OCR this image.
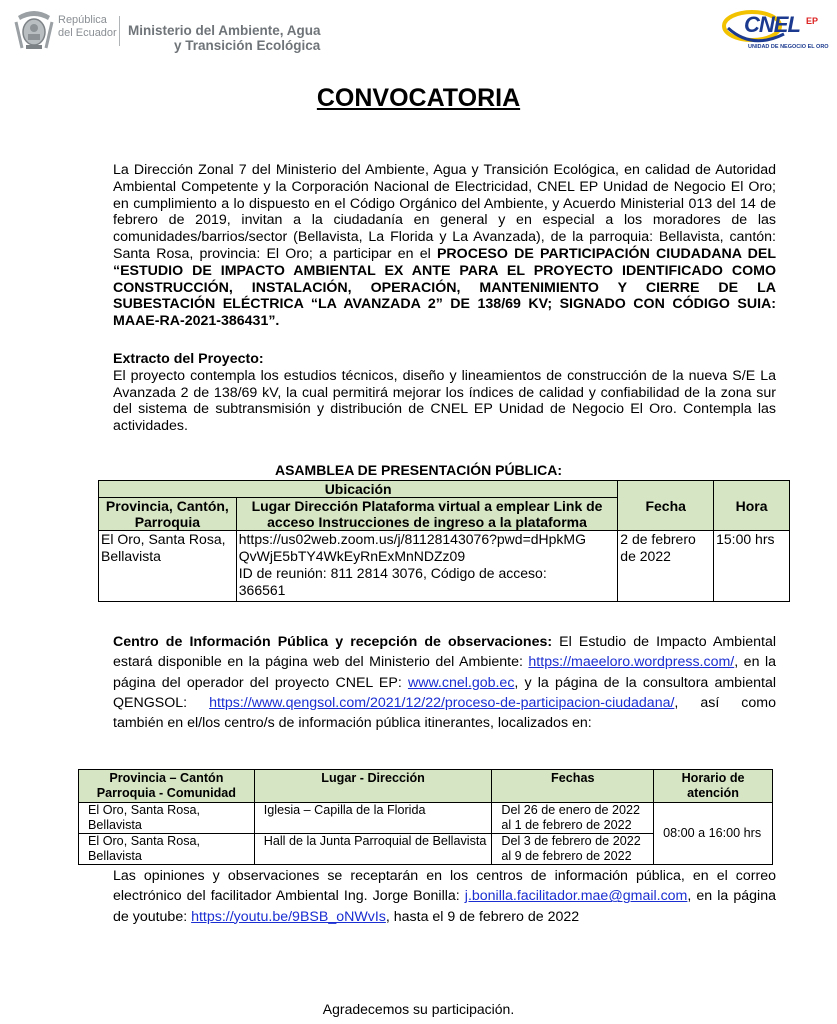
República
del Ecuador Ministerio del Ambiente, Agua
y Transición Ecológica
CNEL EP
UNIDAD DE NEGOCIO EL ORO
CONVOCATORIA
La Dirección Zonal 7 del Ministerio del Ambiente, Agua y Transición Ecológica, en calidad de Autoridad Ambiental Competente y la Corporación Nacional de Electricidad, CNEL EP Unidad de Negocio El Oro; en cumplimiento a lo dispuesto en el Código Orgánico del Ambiente, y Acuerdo Ministerial 013 del 14 de febrero de 2019, invitan a la ciudadanía en general y en especial a los moradores de las comunidades/barrios/sector (Bellavista, La Florida y La Avanzada), de la parroquia: Bellavista, cantón: Santa Rosa, provincia: El Oro; a participar en el PROCESO DE PARTICIPACIÓN CIUDADANA DEL “ESTUDIO DE IMPACTO AMBIENTAL EX ANTE PARA EL PROYECTO IDENTIFICADO COMO CONSTRUCCIÓN, INSTALACIÓN, OPERACIÓN, MANTENIMIENTO Y CIERRE DE LA SUBESTACIÓN ELÉCTRICA “LA AVANZADA 2” DE 138/69 KV; SIGNADO CON CÓDIGO SUIA: MAAE-RA-2021-386431”.
Extracto del Proyecto:
El proyecto contempla los estudios técnicos, diseño y lineamientos de construcción de la nueva S/E La Avanzada 2 de 138/69 kV, la cual permitirá mejorar los índices de calidad y confiabilidad de la zona sur del sistema de subtransmisión y distribución de CNEL EP Unidad de Negocio El Oro. Contempla las actividades.
ASAMBLEA DE PRESENTACIÓN PÚBLICA:
Ubicación		Fecha	Hora
Provincia, Cantón, Parroquia	Lugar Dirección Plataforma virtual a emplear Link de acceso Instrucciones de ingreso a la plataforma		
El Oro, Santa Rosa, Bellavista	https://us02web.zoom.us/j/81128143076?pwd=dHpkMG
QvWjE5bTY4WkEyRnExMnNDZz09
ID de reunión: 811 2814 3076, Código de acceso:
366561	2 de febrero de 2022	15:00 hrs
Centro de Información Pública y recepción de observaciones: El Estudio de Impacto Ambiental estará disponible en la página web del Ministerio del Ambiente: https://maeeloro.wordpress.com/, en la página del operador del proyecto CNEL EP: www.cnel.gob.ec, y la página de la consultora ambiental QENGSOL: https://www.qengsol.com/2021/12/22/proceso-de-participacion-ciudadana/, así como también en el/los centro/s de información pública itinerantes, localizados en:
Provincia – Cantón Parroquia - Comunidad	Lugar - Dirección	Fechas	Horario de atención
El Oro, Santa Rosa, Bellavista	Iglesia – Capilla de la Florida	Del 26 de enero de 2022
al 1 de febrero de 2022	08:00 a 16:00 hrs
El Oro, Santa Rosa, Bellavista	Hall de la Junta Parroquial de Bellavista	Del 3 de febrero de 2022
al 9 de febrero de 2022	
Las opiniones y observaciones se receptarán en los centros de información pública, en el correo electrónico del facilitador Ambiental Ing. Jorge Bonilla: j.bonilla.facilitador.mae@gmail.com, en la página de youtube: https://youtu.be/9BSB_oNWvIs, hasta el 9 de febrero de 2022
Agradecemos su participación.
